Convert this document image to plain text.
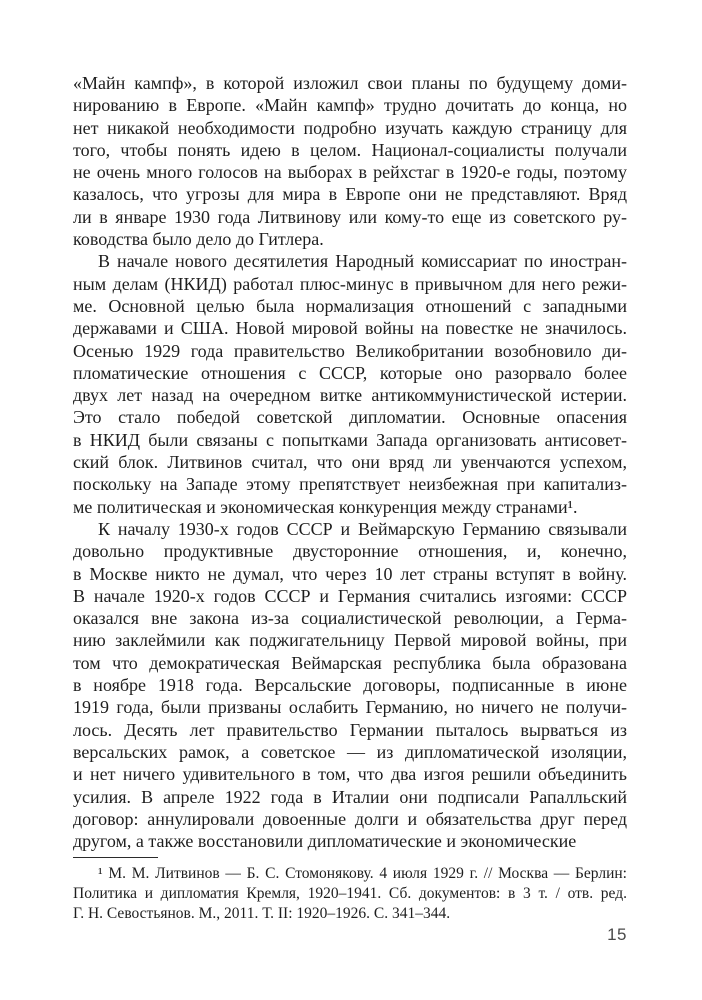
«Майн кампф», в которой изложил свои планы по будущему доми-
нированию в Европе. «Майн кампф» трудно дочитать до конца, но
нет никакой необходимости подробно изучать каждую страницу для
того, чтобы понять идею в целом. Национал-социалисты получали
не очень много голосов на выборах в рейхстаг в 1920-е годы, поэтому
казалось, что угрозы для мира в Европе они не представляют. Вряд
ли в январе 1930 года Литвинову или кому-то еще из советского ру-
ководства было дело до Гитлера.
В начале нового десятилетия Народный комиссариат по иностран-
ным делам (НКИД) работал плюс-минус в привычном для него режи-
ме. Основной целью была нормализация отношений с западными
державами и США. Новой мировой войны на повестке не значилось.
Осенью 1929 года правительство Великобритании возобновило ди-
пломатические отношения с СССР, которые оно разорвало более
двух лет назад на очередном витке антикоммунистической истерии.
Это стало победой советской дипломатии. Основные опасения
в НКИД были связаны с попытками Запада организовать антисовет-
ский блок. Литвинов считал, что они вряд ли увенчаются успехом,
поскольку на Западе этому препятствует неизбежная при капитализ-
ме политическая и экономическая конкуренция между странами¹.
К началу 1930-х годов СССР и Веймарскую Германию связывали
довольно продуктивные двусторонние отношения, и, конечно,
в Москве никто не думал, что через 10 лет страны вступят в войну.
В начале 1920-х годов СССР и Германия считались изгоями: СССР
оказался вне закона из-за социалистической революции, а Герма-
нию заклеймили как поджигательницу Первой мировой войны, при
том что демократическая Веймарская республика была образована
в ноябре 1918 года. Версальские договоры, подписанные в июне
1919 года, были призваны ослабить Германию, но ничего не получи-
лось. Десять лет правительство Германии пыталось вырваться из
версальских рамок, а советское — из дипломатической изоляции,
и нет ничего удивительного в том, что два изгоя решили объединить
усилия. В апреле 1922 года в Италии они подписали Рапалльский
договор: аннулировали довоенные долги и обязательства друг перед
другом, а также восстановили дипломатические и экономические
¹ М. М. Литвинов — Б. С. Стомонякову. 4 июля 1929 г. // Москва — Берлин:
Политика и дипломатия Кремля, 1920–1941. Сб. документов: в 3 т. / отв. ред.
Г. Н. Севостьянов. М., 2011. Т. II: 1920–1926. С. 341–344.
15
